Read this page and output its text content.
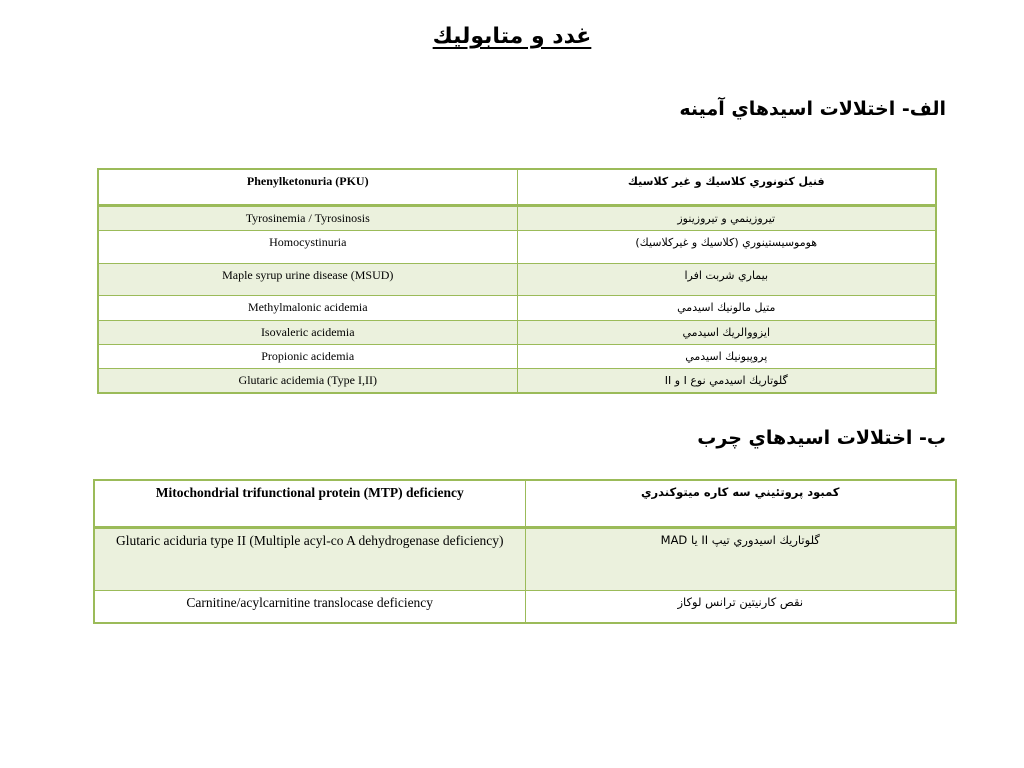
غدد و متابوليك
الف- اختلالات اسيدهاي آمينه
Phenylketonuria (PKU)	فنيل كتونوري كلاسيك و غير كلاسيك
Tyrosinemia / Tyrosinosis	تيروزينمي و تيروزينوز
Homocystinuria	هوموسيستينوري (كلاسيك و غيركلاسيك)
Maple syrup urine disease (MSUD)	بيماري شربت افرا
Methylmalonic acidemia	متيل مالونيك اسيدمي
Isovaleric acidemia	ايزووالريك اسيدمي
Propionic acidemia	پروپيونيك اسيدمي
Glutaric acidemia (Type I,II)	گلوتاريك اسيدمي نوع I و II
ب- اختلالات اسيدهاي چرب
Mitochondrial trifunctional protein (MTP) deficiency	كمبود پروتئيني سه كاره ميتوكندري
Glutaric aciduria type II (Multiple acyl-co A dehydrogenase deficiency)	گلوتاريك اسيدوري تيپ II يا MAD
Carnitine/acylcarnitine translocase deficiency	نقص كارنيتين ترانس لوكاز
